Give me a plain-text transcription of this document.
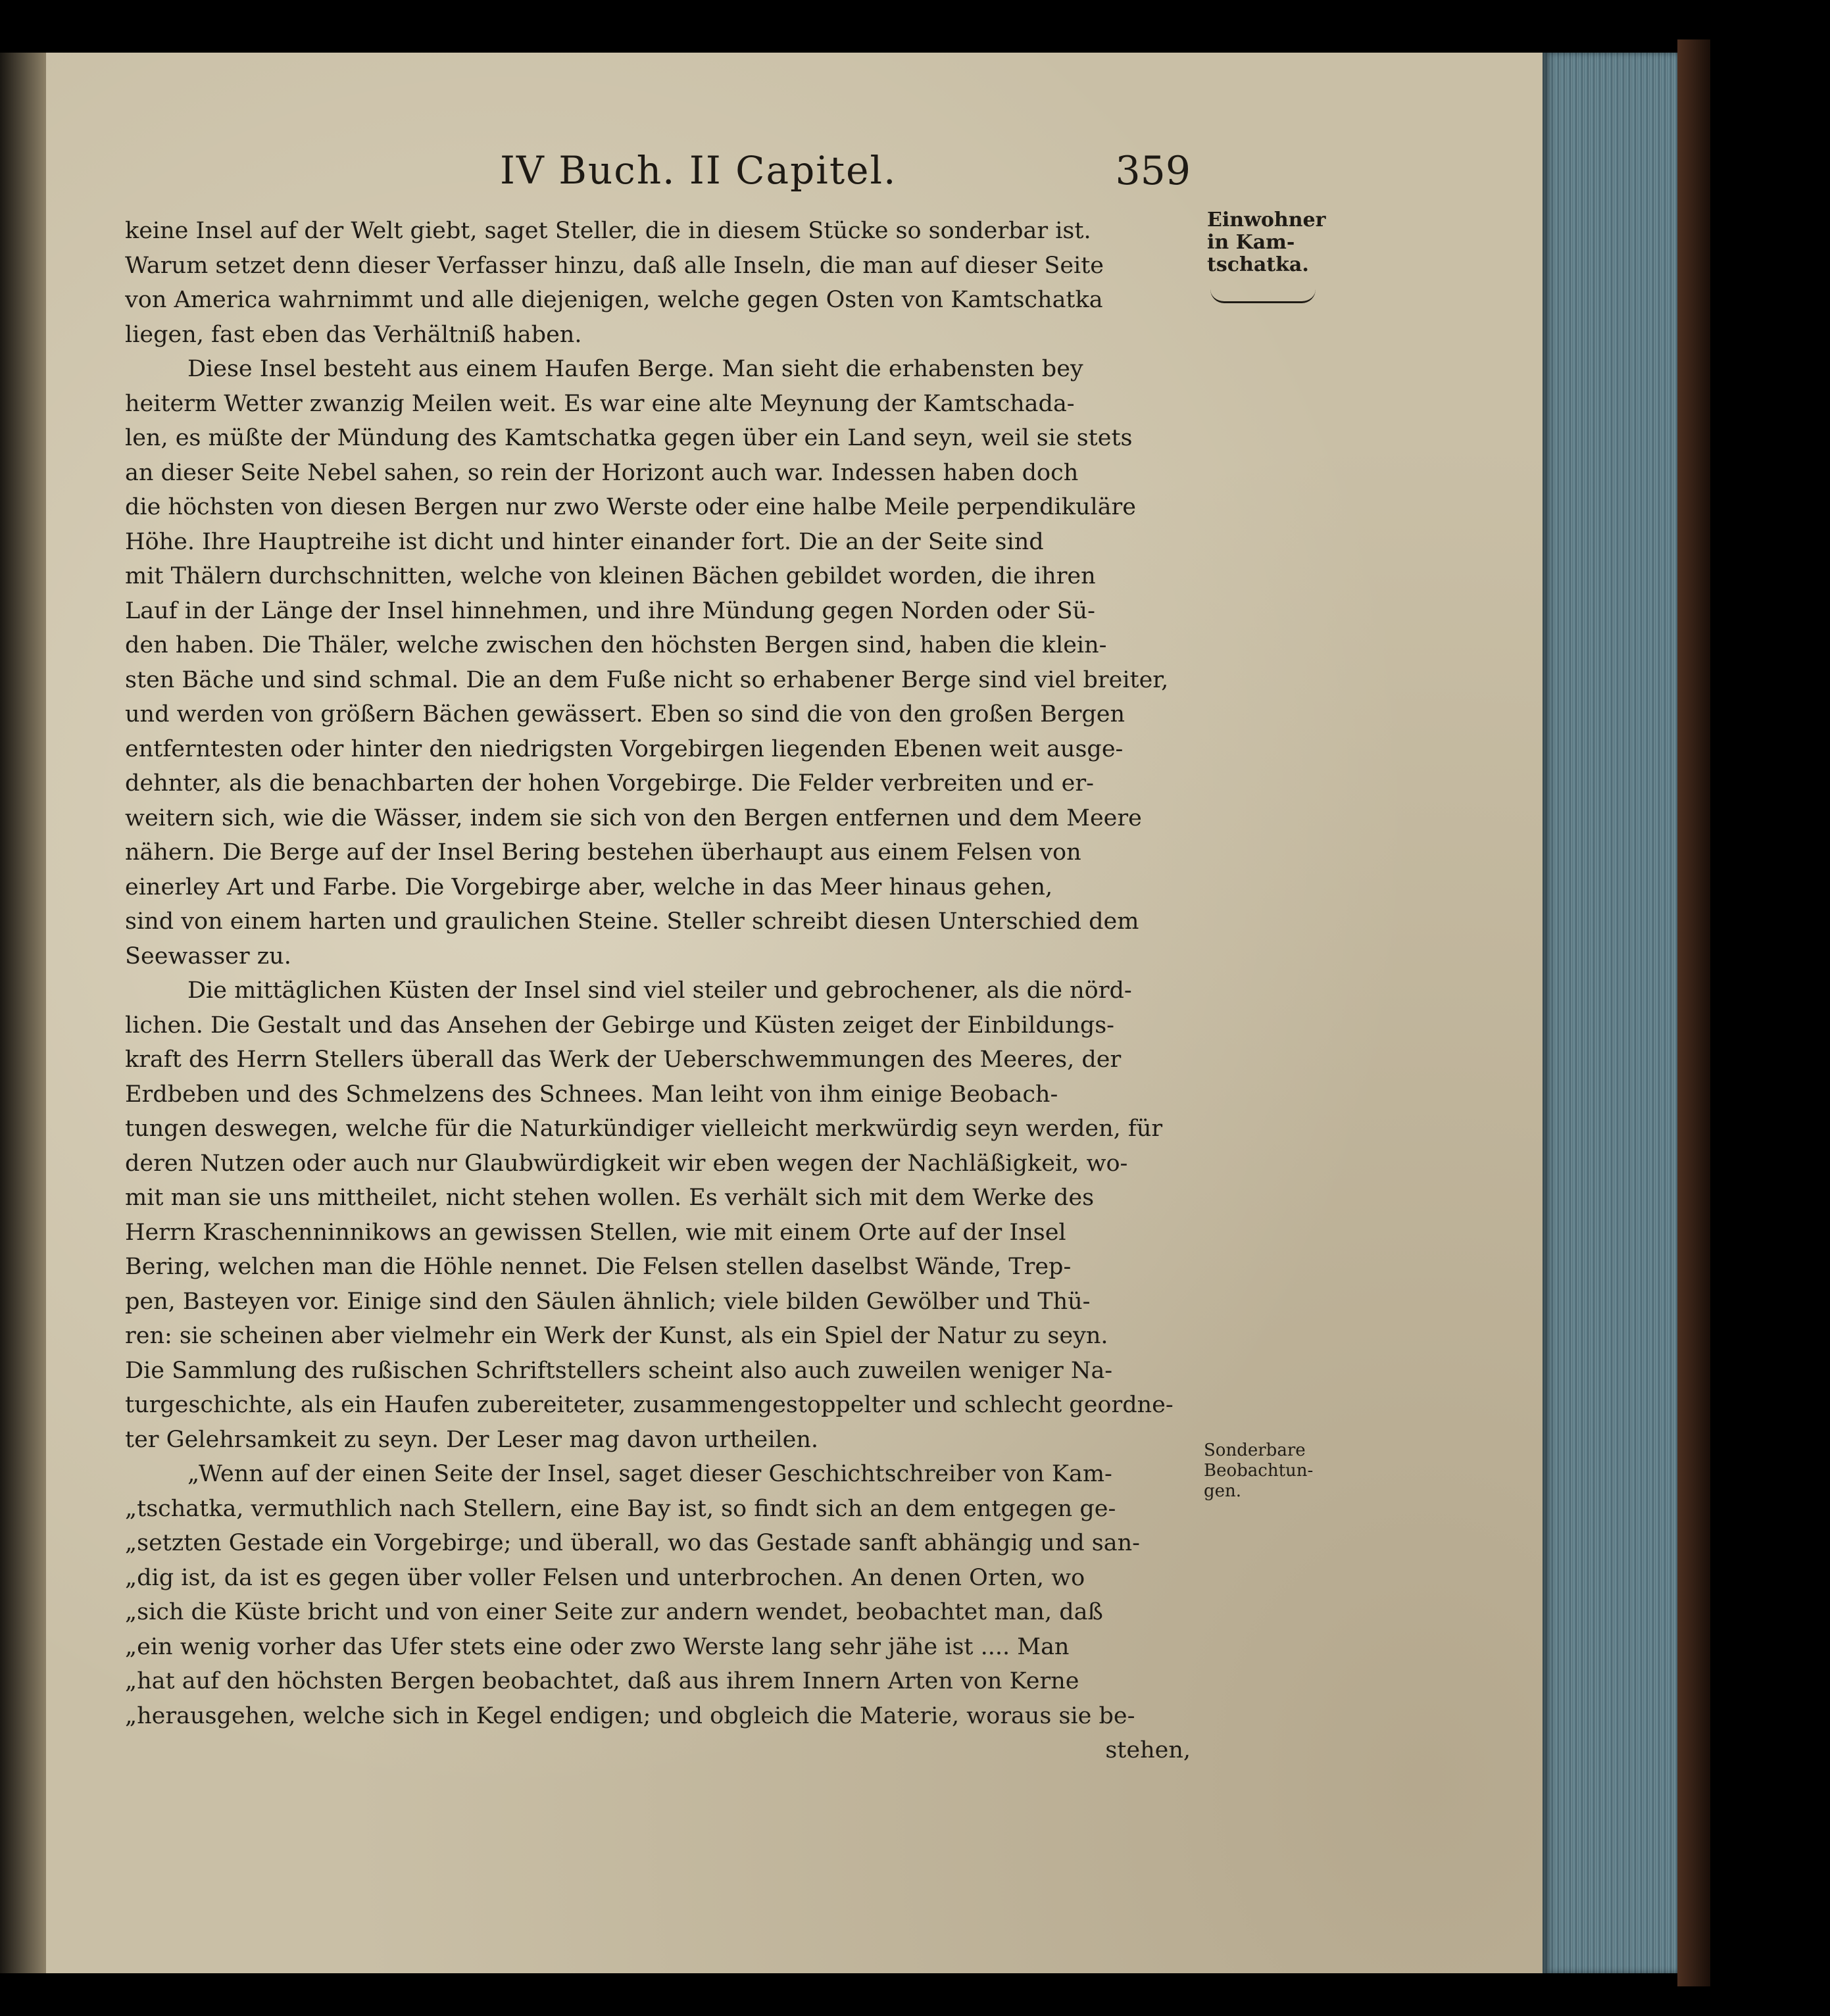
IV Buch. II Capitel.	359
Einwohner
in Kam-
tschatka.
Sonderbare
Beobachtun-
gen.
keine Insel auf der Welt giebt, saget Steller, die in diesem Stücke so sonderbar ist.
Warum setzet denn dieser Verfasser hinzu, daß alle Inseln, die man auf dieser Seite
von America wahrnimmt und alle diejenigen, welche gegen Osten von Kamtschatka
liegen, fast eben das Verhältniß haben.
Diese Insel besteht aus einem Haufen Berge. Man sieht die erhabensten bey
heiterm Wetter zwanzig Meilen weit. Es war eine alte Meynung der Kamtschada-
len, es müßte der Mündung des Kamtschatka gegen über ein Land seyn, weil sie stets
an dieser Seite Nebel sahen, so rein der Horizont auch war. Indessen haben doch
die höchsten von diesen Bergen nur zwo Werste oder eine halbe Meile perpendikuläre
Höhe. Ihre Hauptreihe ist dicht und hinter einander fort. Die an der Seite sind
mit Thälern durchschnitten, welche von kleinen Bächen gebildet worden, die ihren
Lauf in der Länge der Insel hinnehmen, und ihre Mündung gegen Norden oder Sü-
den haben. Die Thäler, welche zwischen den höchsten Bergen sind, haben die klein-
sten Bäche und sind schmal. Die an dem Fuße nicht so erhabener Berge sind viel breiter,
und werden von größern Bächen gewässert. Eben so sind die von den großen Bergen
entferntesten oder hinter den niedrigsten Vorgebirgen liegenden Ebenen weit ausge-
dehnter, als die benachbarten der hohen Vorgebirge. Die Felder verbreiten und er-
weitern sich, wie die Wässer, indem sie sich von den Bergen entfernen und dem Meere
nähern. Die Berge auf der Insel Bering bestehen überhaupt aus einem Felsen von
einerley Art und Farbe. Die Vorgebirge aber, welche in das Meer hinaus gehen,
sind von einem harten und graulichen Steine. Steller schreibt diesen Unterschied dem
Seewasser zu.
Die mittäglichen Küsten der Insel sind viel steiler und gebrochener, als die nörd-
lichen. Die Gestalt und das Ansehen der Gebirge und Küsten zeiget der Einbildungs-
kraft des Herrn Stellers überall das Werk der Ueberschwemmungen des Meeres, der
Erdbeben und des Schmelzens des Schnees. Man leiht von ihm einige Beobach-
tungen deswegen, welche für die Naturkündiger vielleicht merkwürdig seyn werden, für
deren Nutzen oder auch nur Glaubwürdigkeit wir eben wegen der Nachläßigkeit, wo-
mit man sie uns mittheilet, nicht stehen wollen. Es verhält sich mit dem Werke des
Herrn Kraschenninnikows an gewissen Stellen, wie mit einem Orte auf der Insel
Bering, welchen man die Höhle nennet. Die Felsen stellen daselbst Wände, Trep-
pen, Basteyen vor. Einige sind den Säulen ähnlich; viele bilden Gewölber und Thü-
ren: sie scheinen aber vielmehr ein Werk der Kunst, als ein Spiel der Natur zu seyn.
Die Sammlung des rußischen Schriftstellers scheint also auch zuweilen weniger Na-
turgeschichte, als ein Haufen zubereiteter, zusammengestoppelter und schlecht geordne-
ter Gelehrsamkeit zu seyn. Der Leser mag davon urtheilen.
„Wenn auf der einen Seite der Insel, saget dieser Geschichtschreiber von Kam-
„tschatka, vermuthlich nach Stellern, eine Bay ist, so findt sich an dem entgegen ge-
„setzten Gestade ein Vorgebirge; und überall, wo das Gestade sanft abhängig und san-
„dig ist, da ist es gegen über voller Felsen und unterbrochen. An denen Orten, wo
„sich die Küste bricht und von einer Seite zur andern wendet, beobachtet man, daß
„ein wenig vorher das Ufer stets eine oder zwo Werste lang sehr jähe ist .... Man
„hat auf den höchsten Bergen beobachtet, daß aus ihrem Innern Arten von Kerne
„herausgehen, welche sich in Kegel endigen; und obgleich die Materie, woraus sie be-
stehen,
